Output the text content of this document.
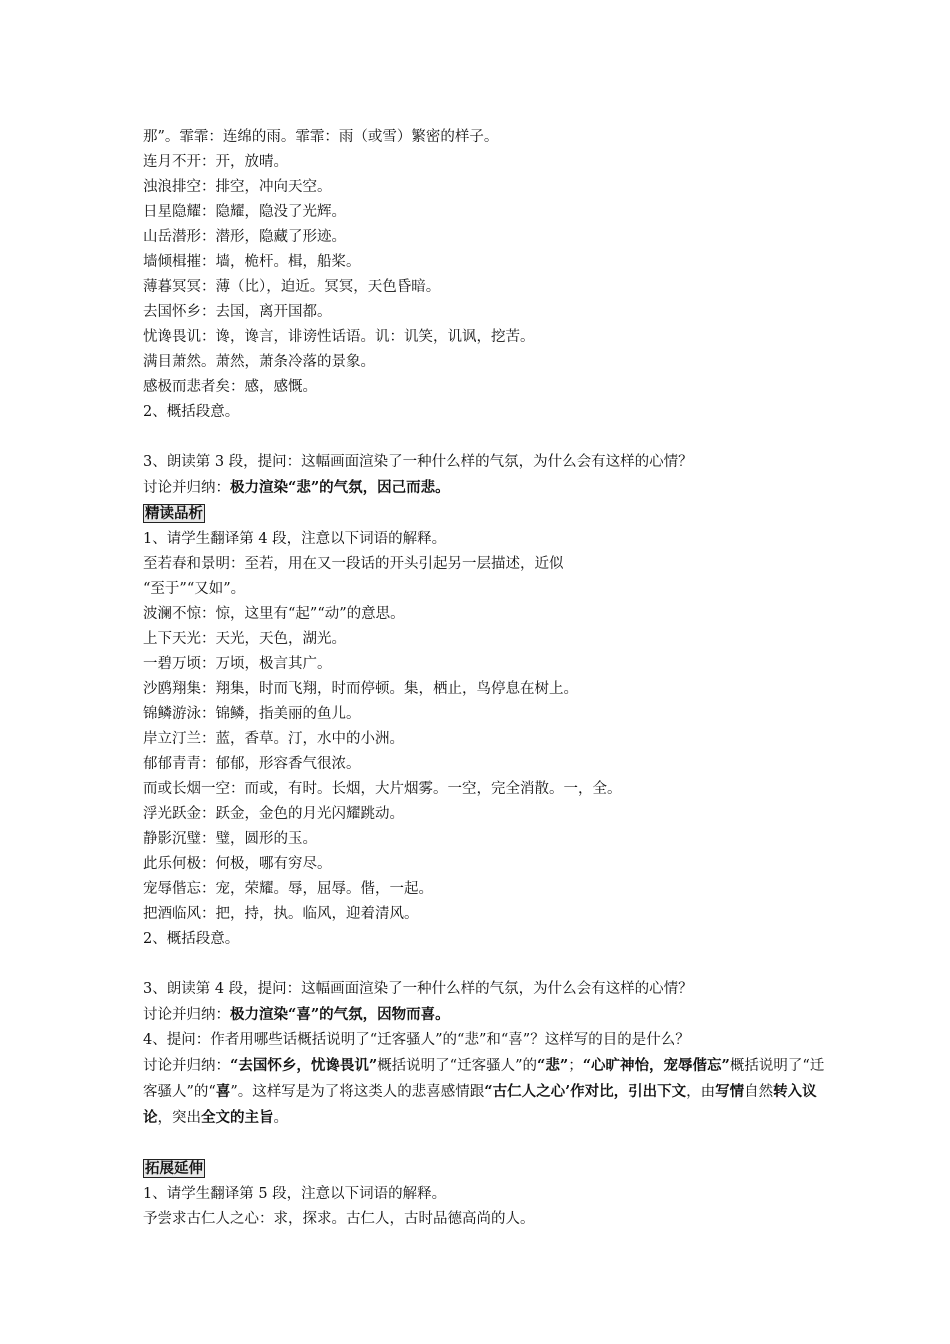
那”。霏霏：连绵的雨。霏霏：雨（或雪）繁密的样子。
连月不开：开，放晴。
浊浪排空：排空，冲向天空。
日星隐耀：隐耀，隐没了光辉。
山岳潜形：潜形，隐藏了形迹。
墙倾楫摧：墙，桅杆。楫，船桨。
薄暮冥冥：薄（比），迫近。冥冥，天色昏暗。
去国怀乡：去国，离开国都。
忧谗畏讥：谗，谗言，诽谤性话语。讥：讥笑，讥讽，挖苦。
满目萧然。萧然，萧条冷落的景象。
感极而悲者矣：感，感慨。
2、概括段意。
3、朗读第 3 段，提问：这幅画面渲染了一种什么样的气氛，为什么会有这样的心情？
讨论并归纳：极力渲染“悲”的气氛，因己而悲。
精读品析
1、请学生翻译第 4 段，注意以下词语的解释。
至若春和景明：至若，用在又一段话的开头引起另一层描述，近似
“至于”“又如”。
波澜不惊：惊，这里有“起”“动”的意思。
上下天光：天光，天色，湖光。
一碧万顷：万顷，极言其广。
沙鸥翔集：翔集，时而飞翔，时而停顿。集，栖止，鸟停息在树上。
锦鳞游泳：锦鳞，指美丽的鱼儿。
岸立汀兰：蓝，香草。汀，水中的小洲。
郁郁青青：郁郁，形容香气很浓。
而或长烟一空：而或，有时。长烟，大片烟雾。一空，完全消散。一，全。
浮光跃金：跃金，金色的月光闪耀跳动。
静影沉璧：璧，圆形的玉。
此乐何极：何极，哪有穷尽。
宠辱偕忘：宠，荣耀。辱，屈辱。偕，一起。
把酒临风：把，持，执。临风，迎着清风。
2、概括段意。
3、朗读第 4 段，提问：这幅画面渲染了一种什么样的气氛，为什么会有这样的心情？
讨论并归纳：极力渲染“喜”的气氛，因物而喜。
4、提问：作者用哪些话概括说明了“迁客骚人”的“悲”和“喜”？这样写的目的是什么？
讨论并归纳：“去国怀乡，忧谗畏讥”概括说明了“迁客骚人”的“悲”；“心旷神怡，宠辱偕忘”概括说明了“迁客骚人”的“喜”。这样写是为了将这类人的悲喜感情跟“古仁人之心’作对比，引出下文，由写情自然转入议论，突出全文的主旨。
拓展延伸
1、请学生翻译第 5 段，注意以下词语的解释。
予尝求古仁人之心：求，探求。古仁人，古时品德高尚的人。
